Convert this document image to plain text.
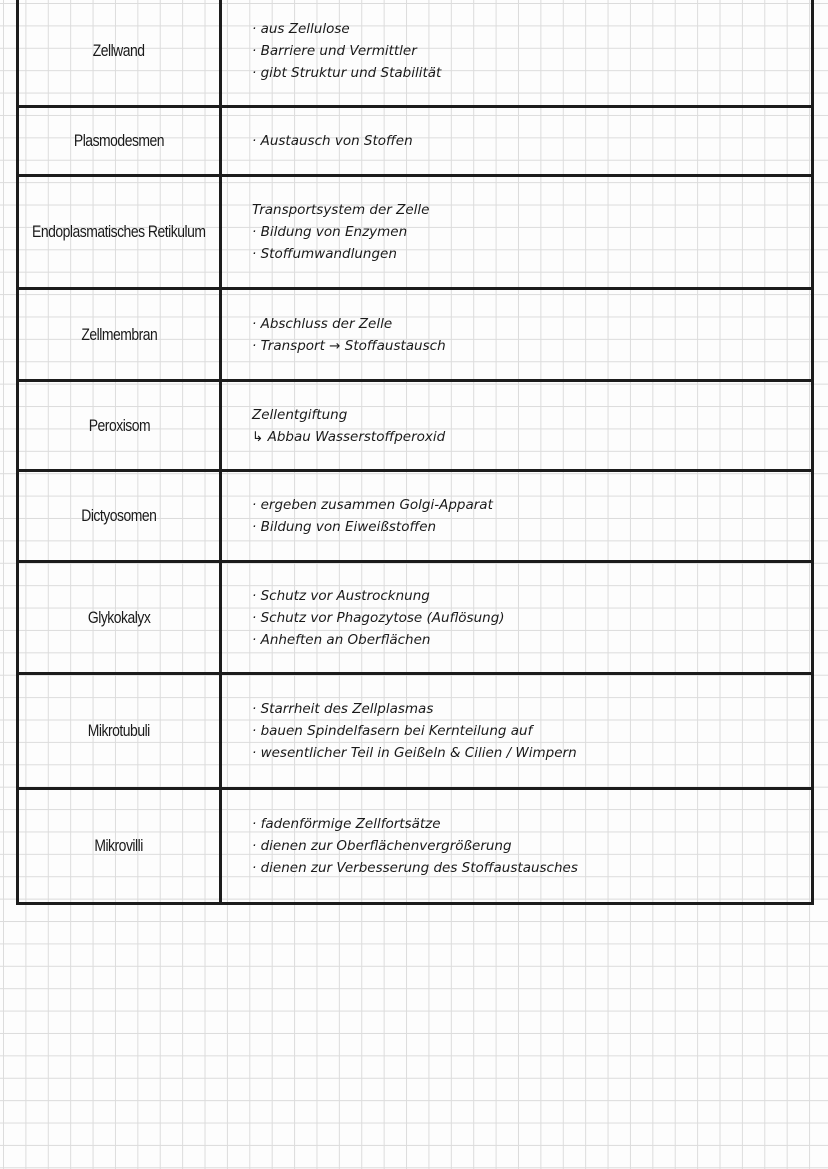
Zellwand
· aus Zellulose
· Barriere und Vermittler
· gibt Struktur und Stabilität
Plasmodesmen	· Austausch von Stoffen
Endoplasmatisches Retikulum
Transportsystem der Zelle
· Bildung von Enzymen
· Stoffumwandlungen
Zellmembran
· Abschluss der Zelle
· Transport → Stoffaustausch
Peroxisom
Zellentgiftung
↳ Abbau Wasserstoffperoxid
Dictyosomen
· ergeben zusammen Golgi-Apparat
· Bildung von Eiweißstoffen
Glykokalyx
· Schutz vor Austrocknung
· Schutz vor Phagozytose (Auflösung)
· Anheften an Oberflächen
Mikrotubuli
· Starrheit des Zellplasmas
· bauen Spindelfasern bei Kernteilung auf
· wesentlicher Teil in Geißeln & Cilien / Wimpern
Mikrovilli
· fadenförmige Zellfortsätze
· dienen zur Oberflächenvergrößerung
· dienen zur Verbesserung des Stoffaustausches
